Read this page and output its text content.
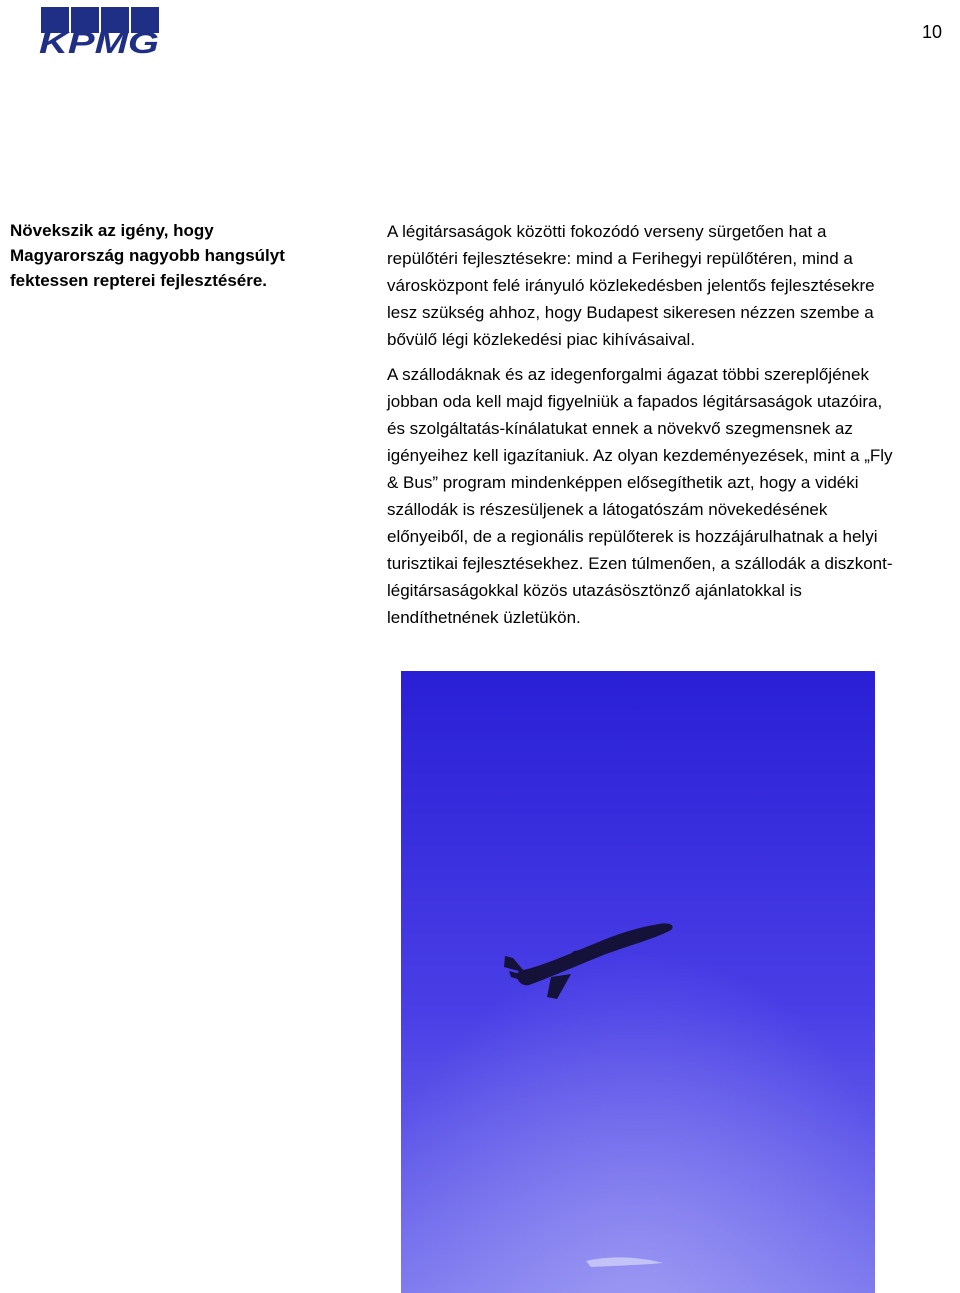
KPMG	10
Növekszik az igény, hogy
Magyarország nagyobb hangsúlyt
fektessen repterei fejlesztésére.
A légitársaságok közötti fokozódó verseny sürgetően hat a
repülőtéri fejlesztésekre: mind a Ferihegyi repülőtéren, mind a
városközpont felé irányuló közlekedésben jelentős fejlesztésekre
lesz szükség ahhoz, hogy Budapest sikeresen nézzen szembe a
bővülő légi közlekedési piac kihívásaival.
A szállodáknak és az idegenforgalmi ágazat többi szereplőjének
jobban oda kell majd figyelniük a fapados légitársaságok utazóira,
és szolgáltatás-kínálatukat ennek a növekvő szegmensnek az
igényeihez kell igazítaniuk. Az olyan kezdeményezések, mint a „Fly
& Bus” program mindenképpen elősegíthetik azt, hogy a vidéki
szállodák is részesüljenek a látogatószám növekedésének
előnyeiből, de a regionális repülőterek is hozzájárulhatnak a helyi
turisztikai fejlesztésekhez. Ezen túlmenően, a szállodák a diszkont-
légitársaságokkal közös utazásösztönző ajánlatokkal is
lendíthetnének üzletükön.
